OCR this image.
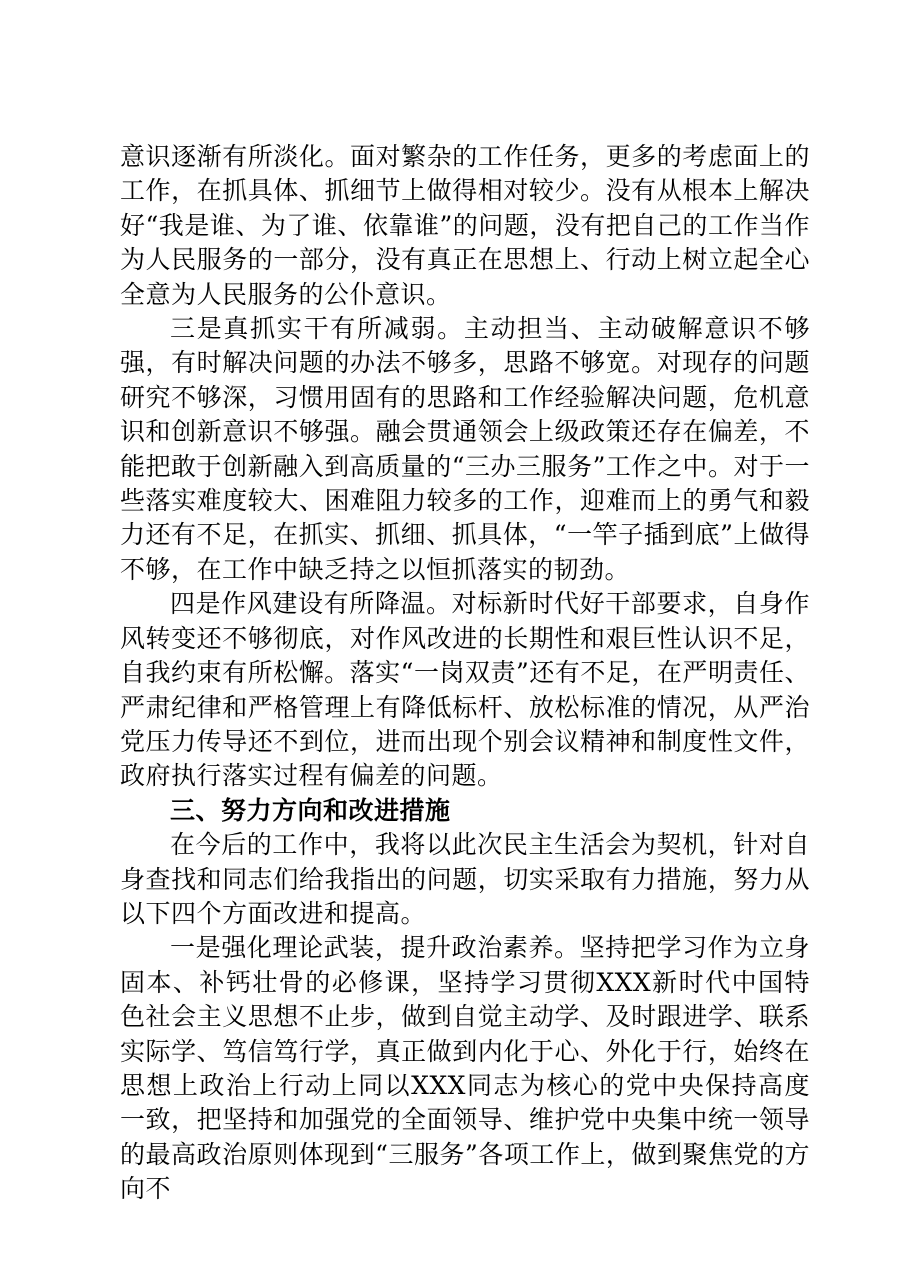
意识逐渐有所淡化。面对繁杂的工作任务，更多的考虑面上的工作，在抓具体、抓细节上做得相对较少。没有从根本上解决好“我是谁、为了谁、依靠谁”的问题，没有把自己的工作当作为人民服务的一部分，没有真正在思想上、行动上树立起全心全意为人民服务的公仆意识。

三是真抓实干有所减弱。主动担当、主动破解意识不够强，有时解决问题的办法不够多，思路不够宽。对现存的问题研究不够深，习惯用固有的思路和工作经验解决问题，危机意识和创新意识不够强。融会贯通领会上级政策还存在偏差，不能把敢于创新融入到高质量的“三办三服务”工作之中。对于一些落实难度较大、困难阻力较多的工作，迎难而上的勇气和毅力还有不足，在抓实、抓细、抓具体，“一竿子插到底”上做得不够，在工作中缺乏持之以恒抓落实的韧劲。

四是作风建设有所降温。对标新时代好干部要求，自身作风转变还不够彻底，对作风改进的长期性和艰巨性认识不足，自我约束有所松懈。落实“一岗双责”还有不足，在严明责任、严肃纪律和严格管理上有降低标杆、放松标准的情况，从严治党压力传导还不到位，进而出现个别会议精神和制度性文件，政府执行落实过程有偏差的问题。

三、努力方向和改进措施

在今后的工作中，我将以此次民主生活会为契机，针对自身查找和同志们给我指出的问题，切实采取有力措施，努力从以下四个方面改进和提高。

一是强化理论武装，提升政治素养。坚持把学习作为立身固本、补钙壮骨的必修课，坚持学习贯彻XXX新时代中国特色社会主义思想不止步，做到自觉主动学、及时跟进学、联系实际学、笃信笃行学，真正做到内化于心、外化于行，始终在思想上政治上行动上同以XXX同志为核心的党中央保持高度一致，把坚持和加强党的全面领导、维护党中央集中统一领导的最高政治原则体现到“三服务”各项工作上，做到聚焦党的方向不
